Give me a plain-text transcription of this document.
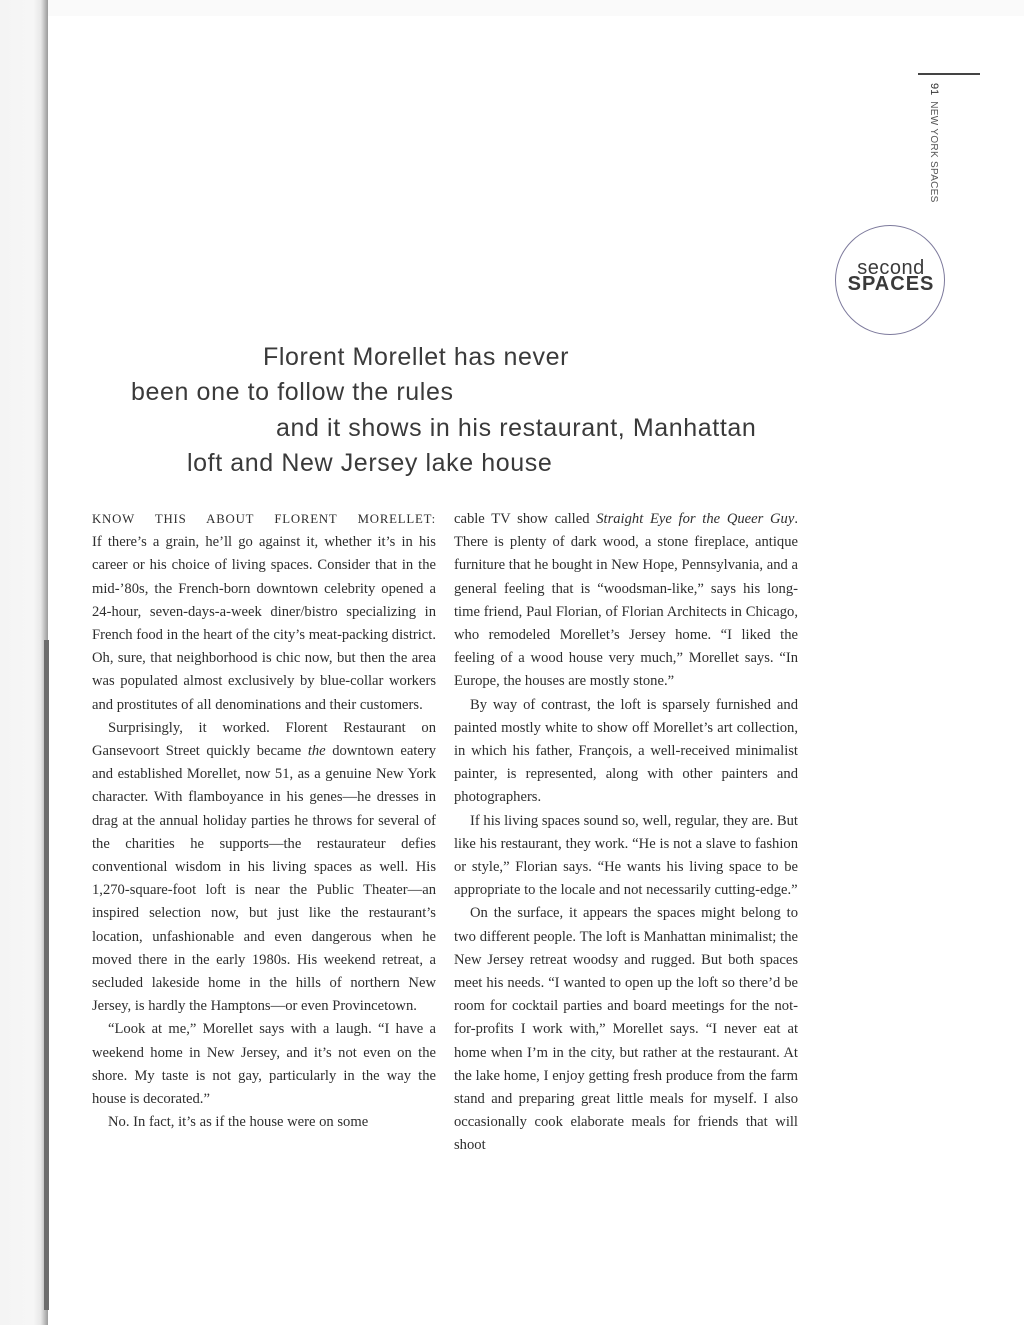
91NEW YORK SPACES
second
SPACES
Florent Morellet has never
been one to follow the rules
and it shows in his restaurant, Manhattan
loft and New Jersey lake house

KNOW THIS ABOUT FLORENT MORELLET:
If there’s a grain, he’ll go against it, whether it’s in his career or his choice of living spaces. Consider that in the mid-’80s, the French-born downtown celebrity opened a 24-hour, seven-days-a-week diner/bistro specializing in French food in the heart of the city’s meat-packing district. Oh, sure, that neighborhood is chic now, but then the area was populated almost exclusively by blue-collar workers and prostitutes of all denominations and their customers.

Surprisingly, it worked. Florent Restaurant on Gansevoort Street quickly became the downtown eatery and established Morellet, now 51, as a genuine New York character. With flamboyance in his genes—he dresses in drag at the annual holiday parties he throws for several of the charities he supports—the restaurateur defies conventional wisdom in his living spaces as well. His 1,270-square-foot loft is near the Public Theater—an inspired selection now, but just like the restaurant’s location, unfashionable and even dangerous when he moved there in the early 1980s. His weekend retreat, a secluded lakeside home in the hills of northern New Jersey, is hardly the Hamptons—or even Provincetown.

“Look at me,” Morellet says with a laugh. “I have a weekend home in New Jersey, and it’s not even on the shore. My taste is not gay, particularly in the way the house is decorated.”

No. In fact, it’s as if the house were on some

cable TV show called Straight Eye for the Queer Guy. There is plenty of dark wood, a stone fireplace, antique furniture that he bought in New Hope, Pennsylvania, and a general feeling that is “woodsman-like,” says his long-time friend, Paul Florian, of Florian Architects in Chicago, who remodeled Morellet’s Jersey home. “I liked the feeling of a wood house very much,” Morellet says. “In Europe, the houses are mostly stone.”

By way of contrast, the loft is sparsely furnished and painted mostly white to show off Morellet’s art collection, in which his father, François, a well-received minimalist painter, is represented, along with other painters and photographers.

If his living spaces sound so, well, regular, they are. But like his restaurant, they work. “He is not a slave to fashion or style,” Florian says. “He wants his living space to be appropriate to the locale and not necessarily cutting-edge.”

On the surface, it appears the spaces might belong to two different people. The loft is Manhattan minimalist; the New Jersey retreat woodsy and rugged. But both spaces meet his needs. “I wanted to open up the loft so there’d be room for cocktail parties and board meetings for the not-for-profits I work with,” Morellet says. “I never eat at home when I’m in the city, but rather at the restaurant. At the lake home, I enjoy getting fresh produce from the farm stand and preparing great little meals for myself. I also occasionally cook elaborate meals for friends that will shoot
